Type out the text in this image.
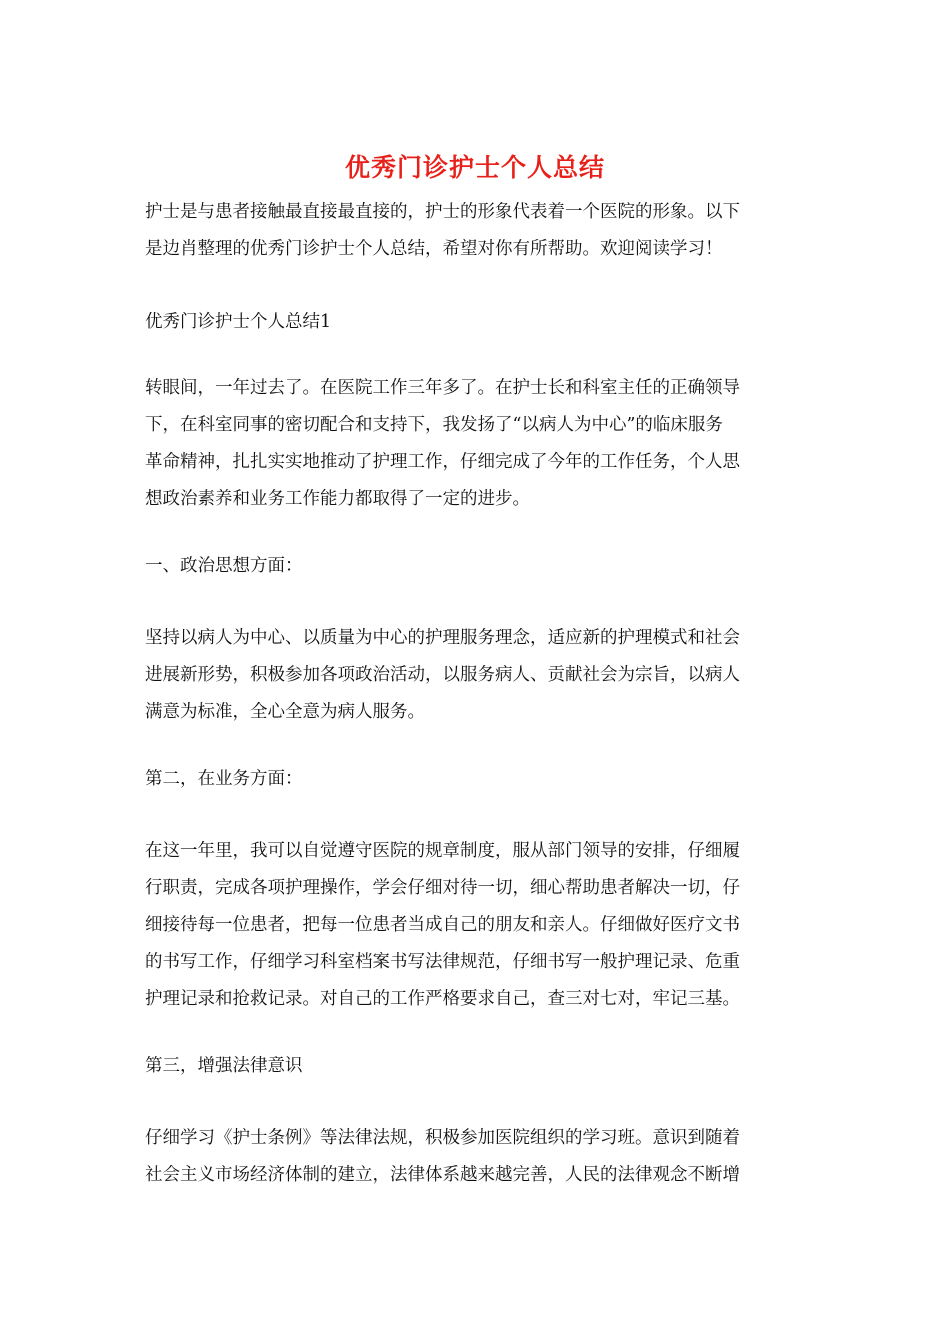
优秀门诊护士个人总结
护士是与患者接触最直接最直接的，护士的形象代表着一个医院的形象。以下
是边肖整理的优秀门诊护士个人总结，希望对你有所帮助。欢迎阅读学习！
优秀门诊护士个人总结1
转眼间，一年过去了。在医院工作三年多了。在护士长和科室主任的正确领导
下，在科室同事的密切配合和支持下，我发扬了“以病人为中心”的临床服务
革命精神，扎扎实实地推动了护理工作，仔细完成了今年的工作任务，个人思
想政治素养和业务工作能力都取得了一定的进步。
一、政治思想方面：
坚持以病人为中心、以质量为中心的护理服务理念，适应新的护理模式和社会
进展新形势，积极参加各项政治活动，以服务病人、贡献社会为宗旨，以病人
满意为标准，全心全意为病人服务。
第二，在业务方面：
在这一年里，我可以自觉遵守医院的规章制度，服从部门领导的安排，仔细履
行职责，完成各项护理操作，学会仔细对待一切，细心帮助患者解决一切，仔
细接待每一位患者，把每一位患者当成自己的朋友和亲人。仔细做好医疗文书
的书写工作，仔细学习科室档案书写法律规范，仔细书写一般护理记录、危重
护理记录和抢救记录。对自己的工作严格要求自己，查三对七对，牢记三基。
第三，增强法律意识
仔细学习《护士条例》等法律法规，积极参加医院组织的学习班。意识到随着
社会主义市场经济体制的建立，法律体系越来越完善，人民的法律观念不断增
